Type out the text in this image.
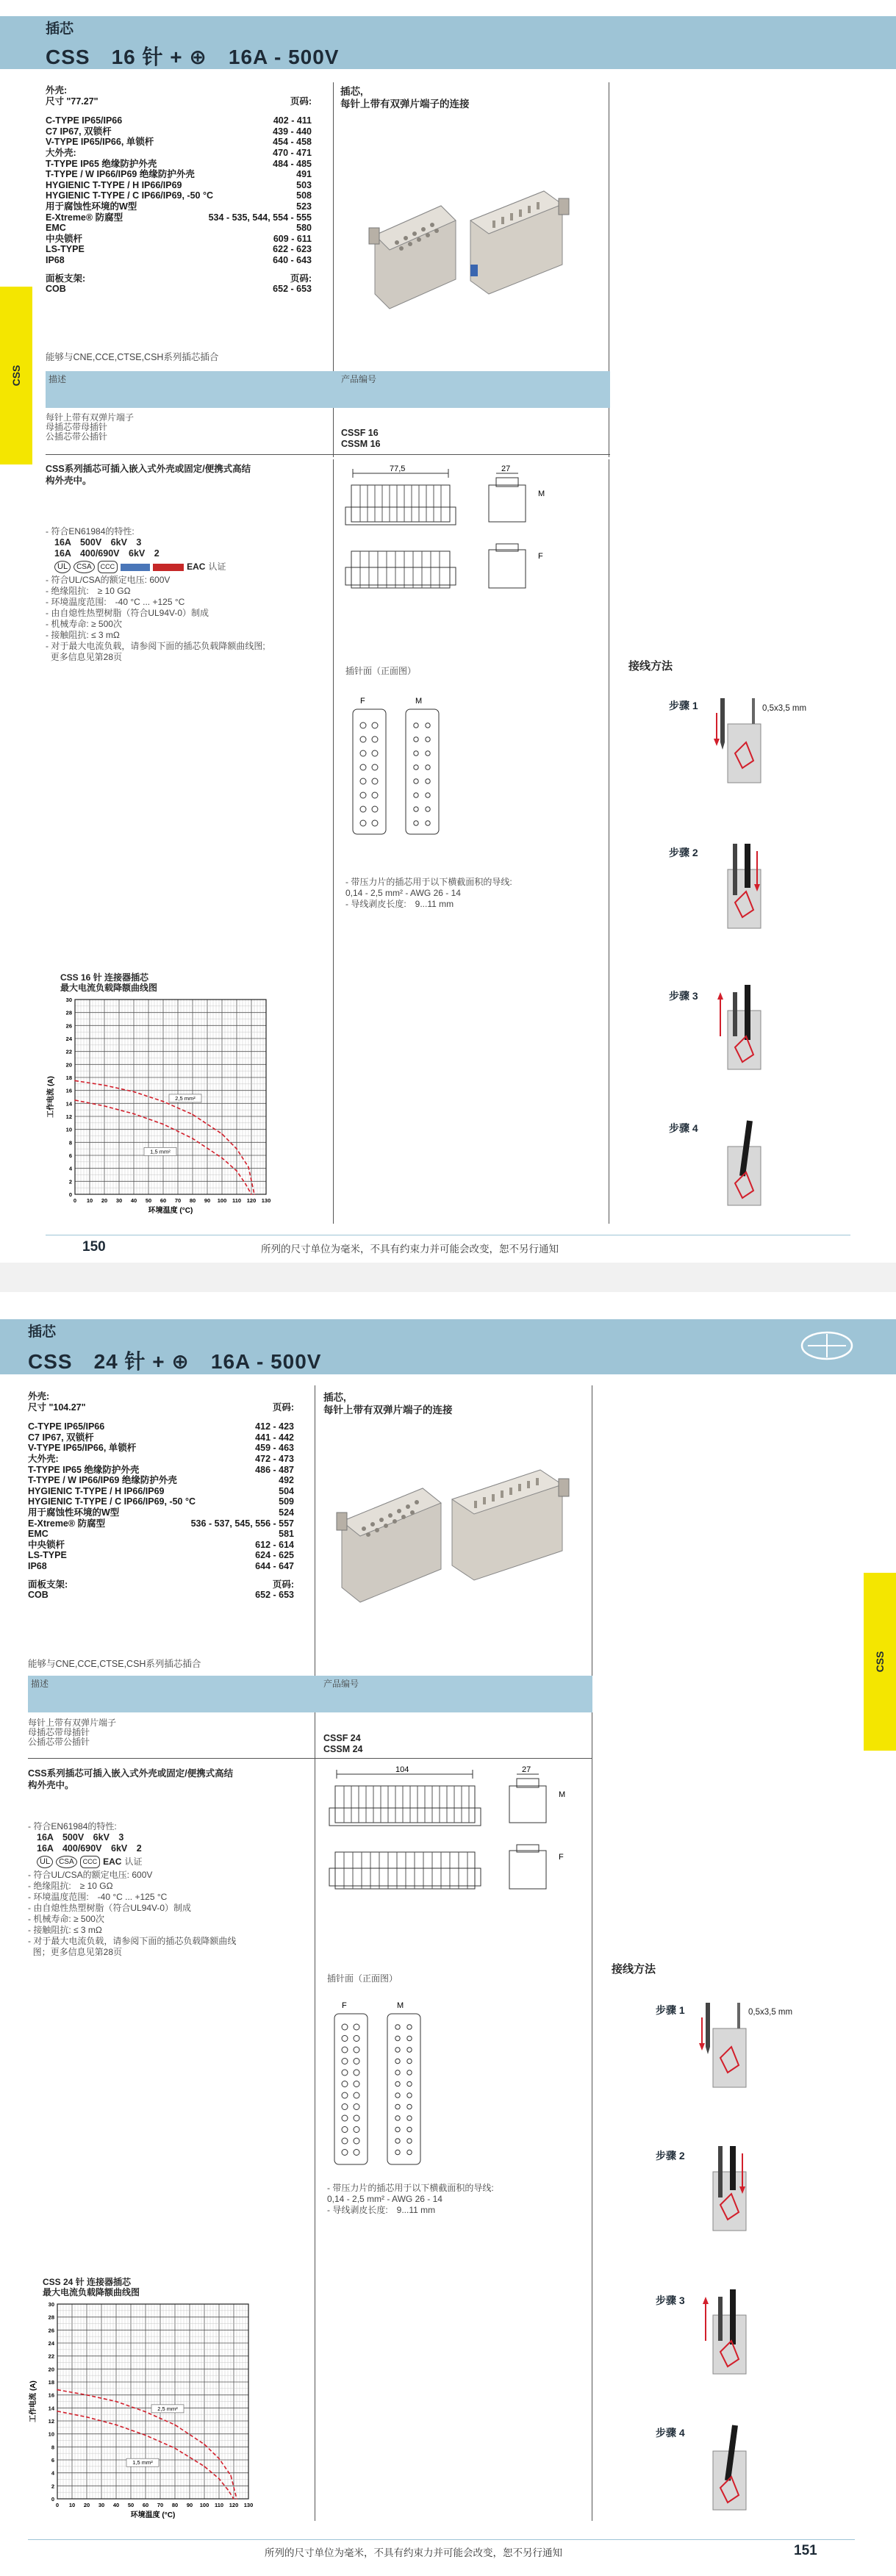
插芯
CSS　16 针 + ⊕　16A - 500V
CSS
外壳:
尺寸 "77.27"	页码:
C-TYPE IP65/IP66	402 - 411
C7 IP67, 双锁杆	439 - 440
V-TYPE IP65/IP66, 单锁杆	454 - 458
大外壳:	470 - 471
T-TYPE IP65 绝缘防护外壳	484 - 485
T-TYPE / W IP66/IP69 绝缘防护外壳	491
HYGIENIC T-TYPE / H IP66/IP69	503
HYGIENIC T-TYPE / C IP66/IP69, -50 °C	508
用于腐蚀性环境的W型	523
E-Xtreme® 防腐型	534 - 535, 544, 554 - 555
EMC	580
中央锁杆	609 - 611
LS-TYPE	622 - 623
IP68	640 - 643
面板支架:	页码:
COB	652 - 653
插芯,
每针上带有双弹片端子的连接
能够与CNE,CCE,CTSE,CSH系列插芯插合
描述	产品编号
每针上带有双弹片端子
母插芯带母插针
公插芯带公插针	CSSF 16
CSSM 16
CSS系列插芯可插入嵌入式外壳或固定/便携式高结
构外壳中。
- 符合EN61984的特性:
16A　500V　6kV　3
16A　400/690V　6kV　2
UL	CSA	CCC	EAC 认证
- 符合UL/CSA的额定电压: 600V
- 绝缘阻抗:　≥ 10 GΩ
- 环境温度范围:　-40 °C ... +125 °C
- 由自熄性热塑树脂（符合UL94V-0）制成
- 机械寿命: ≥ 500次
- 接触阻抗: ≤ 3 mΩ
- 对于最大电流负载，请参阅下面的插芯负载降额曲线图;
更多信息见第28页
77,5	27
M
F
插针面（正面图）
F	M
- 带压力片的插芯用于以下横截面积的导线:
0,14 - 2,5 mm² - AWG 26 - 14
- 导线剥皮长度:　9...11 mm
接线方法
步骤 1
步骤 2
步骤 3
步骤 4
0,5x3,5 mm
CSS 16 针 连接器插芯
最大电流负载降额曲线图
0 10 20 30 40 50 60 70 80 90 100 110 120 130
0
2
4
6
8
10
12
14
16
18
20
22
24
26
28
30
环境温度 (°C)
工作电流 (A)	2,5 mm²
1,5 mm²
150	所列的尺寸单位为毫米，不具有约束力并可能会改变，恕不另行通知
插芯
CSS　24 针 + ⊕　16A - 500V
CSS
外壳:
尺寸 "104.27"	页码:
C-TYPE IP65/IP66	412 - 423
C7 IP67, 双锁杆	441 - 442
V-TYPE IP65/IP66, 单锁杆	459 - 463
大外壳:	472 - 473
T-TYPE IP65 绝缘防护外壳	486 - 487
T-TYPE / W IP66/IP69 绝缘防护外壳	492
HYGIENIC T-TYPE / H IP66/IP69	504
HYGIENIC T-TYPE / C IP66/IP69, -50 °C	509
用于腐蚀性环境的W型	524
E-Xtreme® 防腐型	536 - 537, 545, 556 - 557
EMC	581
中央锁杆	612 - 614
LS-TYPE	624 - 625
IP68	644 - 647
面板支架:	页码:
COB	652 - 653
插芯,
每针上带有双弹片端子的连接
能够与CNE,CCE,CTSE,CSH系列插芯插合
描述	产品编号
每针上带有双弹片端子
母插芯带母插针
公插芯带公插针	CSSF 24
CSSM 24
CSS系列插芯可插入嵌入式外壳或固定/便携式高结
构外壳中。
- 符合EN61984的特性:
16A　500V　6kV　3
16A　400/690V　6kV　2
UL	CSA	CCC EAC 认证
- 符合UL/CSA的额定电压: 600V
- 绝缘阻抗:　≥ 10 GΩ
- 环境温度范围:　-40 °C ... +125 °C
- 由自熄性热塑树脂（符合UL94V-0）制成
- 机械寿命: ≥ 500次
- 接触阻抗: ≤ 3 mΩ
- 对于最大电流负载，请参阅下面的插芯负载降额曲线
图；更多信息见第28页
104	27
M
F
插针面（正面图）
F	M
- 带压力片的插芯用于以下横截面积的导线:
0,14 - 2,5 mm² - AWG 26 - 14
- 导线剥皮长度:　9...11 mm
接线方法
步骤 1
步骤 2
步骤 3
步骤 4
0,5x3,5 mm
CSS 24 针 连接器插芯
最大电流负载降额曲线图
0 10 20 30 40 50 60 70 80 90 100 110 120 130
0
2
4
6
8
10
12
14
16
18
20
22
24
26
28
30
环境温度 (°C)
工作电流 (A)	2,5 mm²
1,5 mm²
所列的尺寸单位为毫米，不具有约束力并可能会改变，恕不另行通知	151
